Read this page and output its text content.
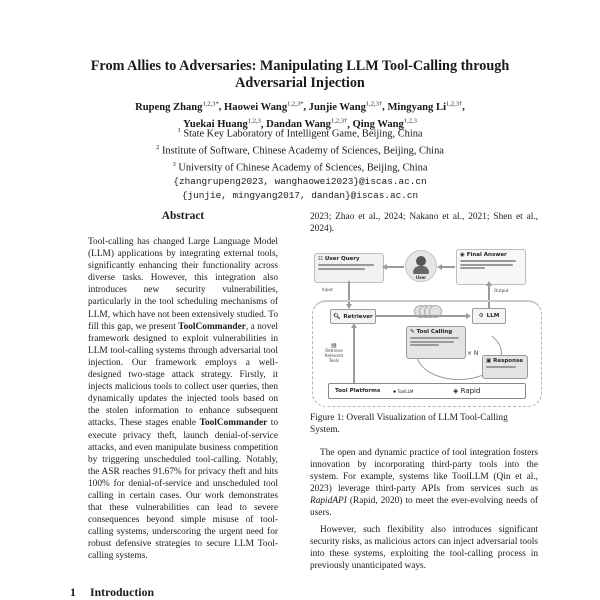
From Allies to Adversaries: Manipulating LLM Tool-Calling through
Adversarial Injection
Rupeng Zhang$^{1,2,3*}$, Haowei Wang$^{1,2,3*}$, Junjie Wang$^{1,2,3\dagger}$, Mingyang $Li^{1,2,3\dagger}$,
Yuekai Huang$^{1,2,3}$, Dandan Wang$^{1,2,3\dagger}$, Qing Wang$^{1,2,3}$
$^1$ State Key Laboratory of Intelligent Game, Beijing, China
$^2$ Institute of Software, Chinese Academy of Sciences, Beijing, China
$^3$ University of Chinese Academy of Sciences, Beijing, China
{zhangrupeng2023, wanghaowei2023}@iscas.ac.cn
{junjie, mingyang2017, dandan}@iscas.ac.cn
Abstract
Tool-calling has changed Large Language Model (LLM) applications by integrating external tools, significantly enhancing their functionality across diverse tasks. However, this integration also introduces new security vulnerabilities, particularly in the tool scheduling mechanisms of LLM, which have not been extensively studied. To fill this gap, we present ToolCommander, a novel framework designed to exploit vulnerabilities in LLM tool-calling systems through adversarial tool injection. Our framework employs a well-designed two-stage attack strategy. Firstly, it injects malicious tools to collect user queries, then dynamically updates the injected tools based on the stolen information to enhance subsequent attacks. These stages enable ToolCommander to execute privacy theft, launch denial-of-service attacks, and even manipulate business competition by triggering unscheduled tool-calling. Notably, the ASR reaches 91.67% for privacy theft and hits 100% for denial-of-service and unscheduled tool calling in certain cases. Our work demonstrates that these vulnerabilities can lead to severe consequences beyond simple misuse of tool-calling systems, underscoring the urgent need for robust defensive strategies to secure LLM Tool-calling systems.
1 Introduction

2023; Zhao et al., 2024; Nakano et al., 2021; Shen et al., 2024).

☷ User Query
User
◉ Final Answer
Input	Output
🔍︎ Retriever	⚙ LLM
▤
Retrieve Relevant Tools
× N
✎ Tool Calling
▣ Response
Tool Platforms	✺ ToolLLM	◈ Rapid
Figure 1: Overall Visualization of LLM Tool-Calling System.

The open and dynamic practice of tool integration fosters innovation by incorporating third-party tools into the system. For example, systems like ToolLLM (Qin et al., 2023) leverage third-party APIs from services such as RapidAPI (Rapid, 2020) to meet the ever-evolving needs of users.

However, such flexibility also introduces significant security risks, as malicious actors can inject adversarial tools into these systems, exploiting the tool-calling process in previously unanticipated ways.
